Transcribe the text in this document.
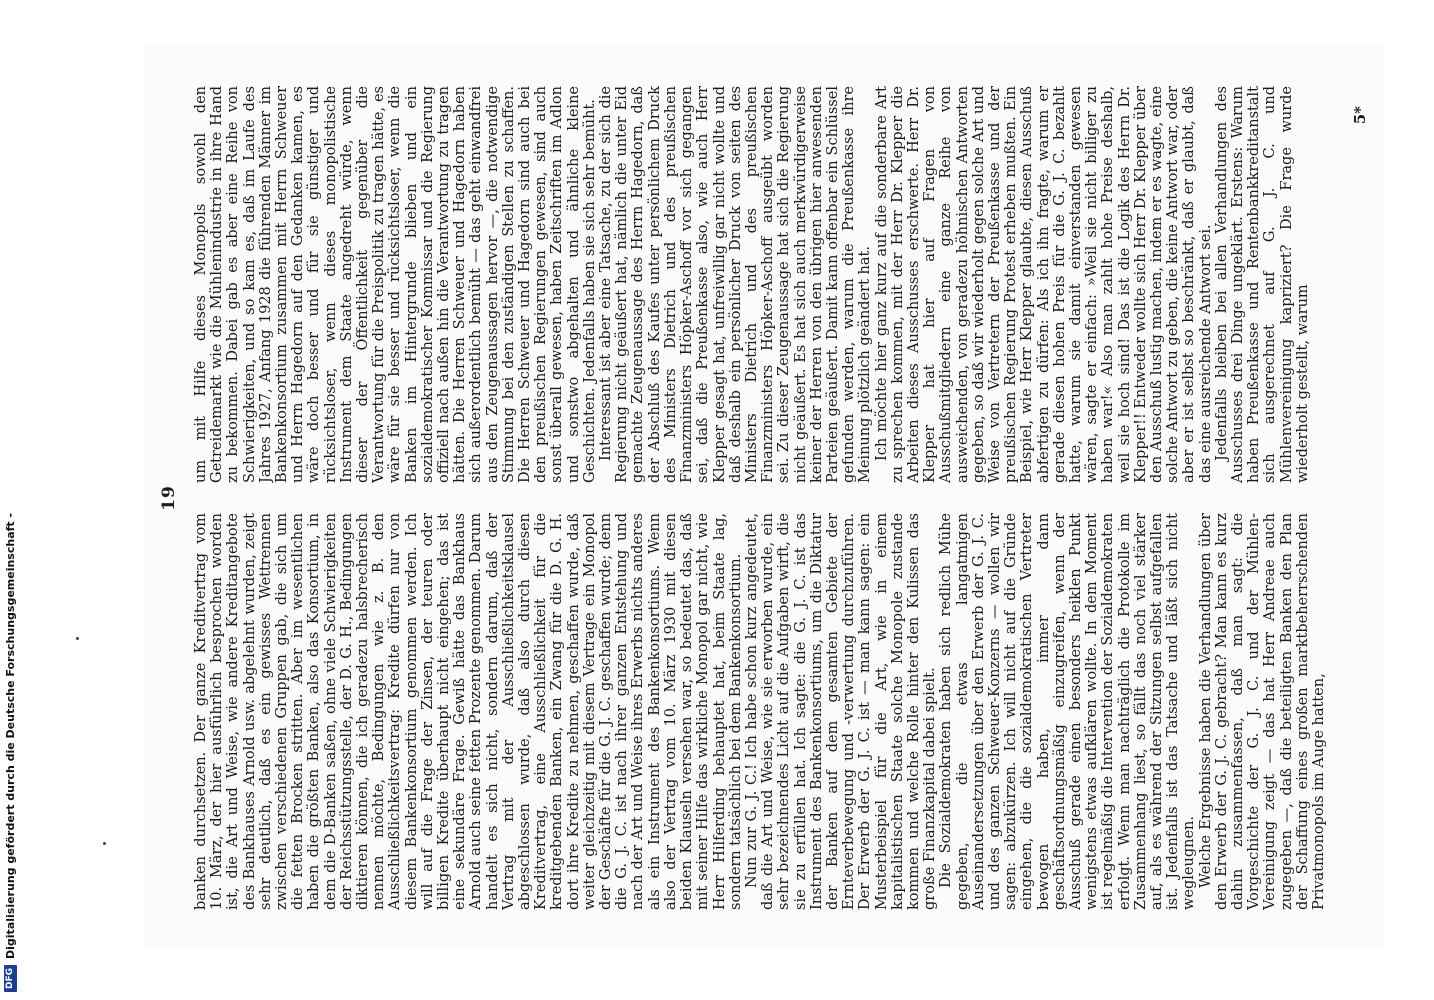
DFG
Digitalisierung gefördert durch die Deutsche Forschungsgemeinschaft -
19

banken durchsetzen. Der ganze Kreditvertrag vom 10. März, der hier ausführlich besprochen worden ist, die Art und Weise, wie andere Kreditangebote des Bankhauses Arnold usw. abgelehnt wurden, zeigt sehr deutlich, daß es ein gewisses Wettrennen zwischen verschiedenen Gruppen gab, die sich um die fetten Brocken stritten. Aber im wesentlichen haben die größten Banken, also das Konsortium, in dem die D-Banken saßen, ohne viele Schwierigkeiten der Reichsstützungsstelle, der D. G. H., Bedingungen diktieren können, die ich geradezu halsbrecherisch nennen möchte, Bedingungen wie z. B. den Ausschließlichkeitsvertrag: Kredite dürfen nur von diesem Bankenkonsortium genommen werden. Ich will auf die Frage der Zinsen, der teuren oder billigen Kredite überhaupt nicht eingehen; das ist eine sekundäre Frage. Gewiß hätte das Bankhaus Arnold auch seine fetten Prozente genommen. Darum handelt es sich nicht, sondern darum, daß der Vertrag mit der Ausschließlichkeitsklausel abgeschlossen wurde, daß also durch diesen Kreditvertrag, eine Ausschließlichkeit für die kreditgebenden Banken, ein Zwang für die D. G. H. dort ihre Kredite zu nehmen, geschaffen wurde, daß weiter gleichzeitig mit diesem Vertrage ein Monopol der Geschäfte für die G. J. C. geschaffen wurde; denn die G. J. C. ist nach ihrer ganzen Entstehung und nach der Art und Weise ihres Erwerbs nichts anderes als ein Instrument des Bankenkonsortiums. Wenn also der Vertrag vom 10. März 1930 mit diesen beiden Klauseln versehen war, so bedeutet das, daß mit seiner Hilfe das wirkliche Monopol gar nicht, wie Herr Hilferding behauptet hat, beim Staate lag, sondern tatsächlich bei dem Bankenkonsortium. Nun zur G. J. C.! Ich habe schon kurz angedeutet, daß die Art und Weise, wie sie erworben wurde, ein sehr bezeichnendes Licht auf die Aufgaben wirft, die sie zu erfüllen hat. Ich sagte: die G. J. C. ist das Instrument des Bankenkonsortiums, um die Diktatur der Banken auf dem gesamten Gebiete der Ernteverbewegung und -verwertung durchzuführen. Der Erwerb der G. J. C. ist — man kann sagen: ein Musterbeispiel für die Art, wie in einem kapitalistischen Staate solche Monopole zustande kommen und welche Rolle hinter den Kulissen das große Finanzkapital dabei spielt. Die Sozialdemokraten haben sich redlich Mühe gegeben, die etwas langatmigen Auseinandersetzungen über den Erwerb der G. J. C. und des ganzen Schweuer-Konzerns — wollen wir sagen: abzukürzen. Ich will nicht auf die Gründe eingehen, die die sozialdemokratischen Vertreter bewogen haben, immer dann geschäftsordnungsmäßig einzugreifen, wenn der Ausschuß gerade einen besonders heiklen Punkt wenigstens etwas aufklären wollte. In dem Moment ist regelmäßig die Intervention der Sozialdemokraten erfolgt. Wenn man nachträglich die Protokolle im Zusammenhang liest, so fällt das noch viel stärker auf, als es während der Sitzungen selbst aufgefallen ist. Jedenfalls ist das Tatsache und läßt sich nicht wegleugnen. Welche Ergebnisse haben die Verhandlungen über den Erwerb der G. J. C. gebracht? Man kann es kurz dahin zusammenfassen, daß man sagt: die Vorgeschichte der G. J. C. und der Mühlen-Vereinigung zeigt — das hat Herr Andreae auch zugegeben —, daß die beteiligten Banken den Plan der Schaffung eines großen marktbeherrschenden Privatmonopols im Auge hatten,

um mit Hilfe dieses Monopols sowohl den Getreidemarkt wie die Mühlenindustrie in ihre Hand zu bekommen. Dabei gab es aber eine Reihe von Schwierigkeiten, und so kam es, daß im Laufe des Jahres 1927, Anfang 1928 die führenden Männer im Bankenkonsortium zusammen mit Herrn Schweuer und Herrn Hagedorn auf den Gedanken kamen, es wäre doch besser und für sie günstiger und rücksichtsloser, wenn dieses monopolistische Instrument dem Staate angedreht würde, wenn dieser der Öffentlichkeit gegenüber die Verantwortung für die Preispolitik zu tragen hätte, es wäre für sie besser und rücksichtsloser, wenn die Banken im Hintergrunde blieben und ein sozialdemokratischer Kommissar und die Regierung offiziell nach außen hin die Verantwortung zu tragen hätten. Die Herren Schweuer und Hagedorn haben sich außerordentlich bemüht — das geht einwandfrei aus den Zeugenaussagen hervor —, die notwendige Stimmung bei den zuständigen Stellen zu schaffen. Die Herren Schweuer und Hagedorn sind auch bei den preußischen Regierungen gewesen, sind auch sonst überall gewesen, haben Zeitschriften im Adlon und sonstwo abgehalten und ähnliche kleine Geschichten. Jedenfalls haben sie sich sehr bemüht. Interessant ist aber eine Tatsache, zu der sich die Regierung nicht geäußert hat, nämlich die unter Eid gemachte Zeugenaussage des Herrn Hagedorn, daß der Abschluß des Kaufes unter persönlichem Druck des Ministers Dietrich und des preußischen Finanzministers Höpker-Aschoff vor sich gegangen sei, daß die Preußenkasse also, wie auch Herr Klepper gesagt hat, unfreiwillig gar nicht wollte und daß deshalb ein persönlicher Druck von seiten des Ministers Dietrich und des preußischen Finanzministers Höpker-Aschoff ausgeübt worden sei. Zu dieser Zeugenaussage hat sich die Regierung nicht geäußert. Es hat sich auch merkwürdigerweise keiner der Herren von den übrigen hier anwesenden Parteien geäußert. Damit kann offenbar ein Schlüssel gefunden werden, warum die Preußenkasse ihre Meinung plötzlich geändert hat. Ich möchte hier ganz kurz auf die sonderbare Art zu sprechen kommen, mit der Herr Dr. Klepper die Arbeiten dieses Ausschusses erschwerte. Herr Dr. Klepper hat hier auf Fragen von Ausschußmitgliedern eine ganze Reihe von ausweichenden, von geradezu höhnischen Antworten gegeben, so daß wir wiederholt gegen solche Art und Weise von Vertretern der Preußenkasse und der preußischen Regierung Protest erheben mußten. Ein Beispiel, wie Herr Klepper glaubte, diesen Ausschuß abfertigen zu dürfen: Als ich ihn fragte, warum er gerade diesen hohen Preis für die G. J. C. bezahlt hatte, warum sie damit einverstanden gewesen wären, sagte er einfach: »Weil sie nicht billiger zu haben war!« Also man zahlt hohe Preise deshalb, weil sie hoch sind! Das ist die Logik des Herrn Dr. Klepper!! Entweder wollte sich Herr Dr. Klepper über den Ausschuß lustig machen, indem er es wagte, eine solche Antwort zu geben, die keine Antwort war, oder aber er ist selbst so beschränkt, daß er glaubt, daß das eine ausreichende Antwort sei. Jedenfalls bleiben bei allen Verhandlungen des Ausschusses drei Dinge ungeklärt. Erstens: Warum haben Preußenkasse und Rentenbankkreditanstalt sich ausgerechnet auf G. J. C. und Mühlenvereinigung kapriziert? Die Frage wurde wiederholt gestellt, warum

5*
